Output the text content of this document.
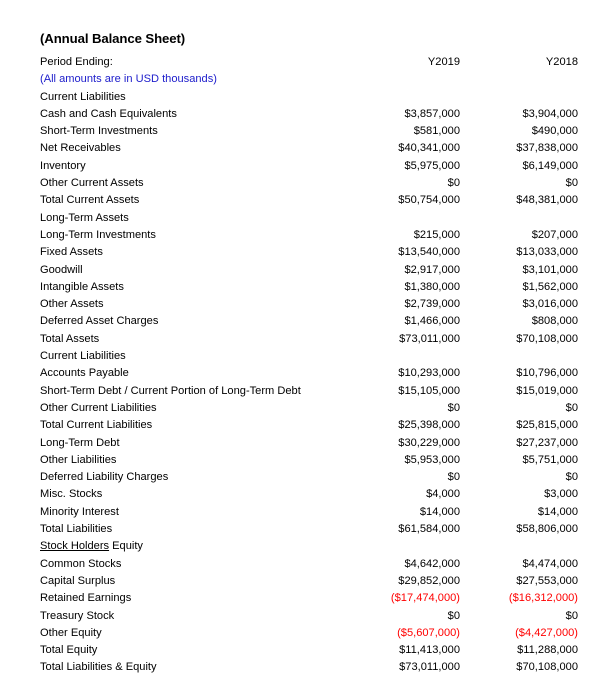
(Annual Balance Sheet)
Period Ending:	Y2019	Y2018
(All amounts are in USD thousands)		
Current Liabilities		
Cash and Cash Equivalents	$3,857,000	$3,904,000
Short-Term Investments	$581,000	$490,000
Net Receivables	$40,341,000	$37,838,000
Inventory	$5,975,000	$6,149,000
Other Current Assets	$0	$0
Total Current Assets	$50,754,000	$48,381,000
Long-Term Assets		
Long-Term Investments	$215,000	$207,000
Fixed Assets	$13,540,000	$13,033,000
Goodwill	$2,917,000	$3,101,000
Intangible Assets	$1,380,000	$1,562,000
Other Assets	$2,739,000	$3,016,000
Deferred Asset Charges	$1,466,000	$808,000
Total Assets	$73,011,000	$70,108,000
Current Liabilities		
Accounts Payable	$10,293,000	$10,796,000
Short-Term Debt / Current Portion of Long-Term Debt	$15,105,000	$15,019,000
Other Current Liabilities	$0	$0
Total Current Liabilities	$25,398,000	$25,815,000
Long-Term Debt	$30,229,000	$27,237,000
Other Liabilities	$5,953,000	$5,751,000
Deferred Liability Charges	$0	$0
Misc. Stocks	$4,000	$3,000
Minority Interest	$14,000	$14,000
Total Liabilities	$61,584,000	$58,806,000
Stock Holders Equity		
Common Stocks	$4,642,000	$4,474,000
Capital Surplus	$29,852,000	$27,553,000
Retained Earnings	($17,474,000)	($16,312,000)
Treasury Stock	$0	$0
Other Equity	($5,607,000)	($4,427,000)
Total Equity	$11,413,000	$11,288,000
Total Liabilities & Equity	$73,011,000	$70,108,000
